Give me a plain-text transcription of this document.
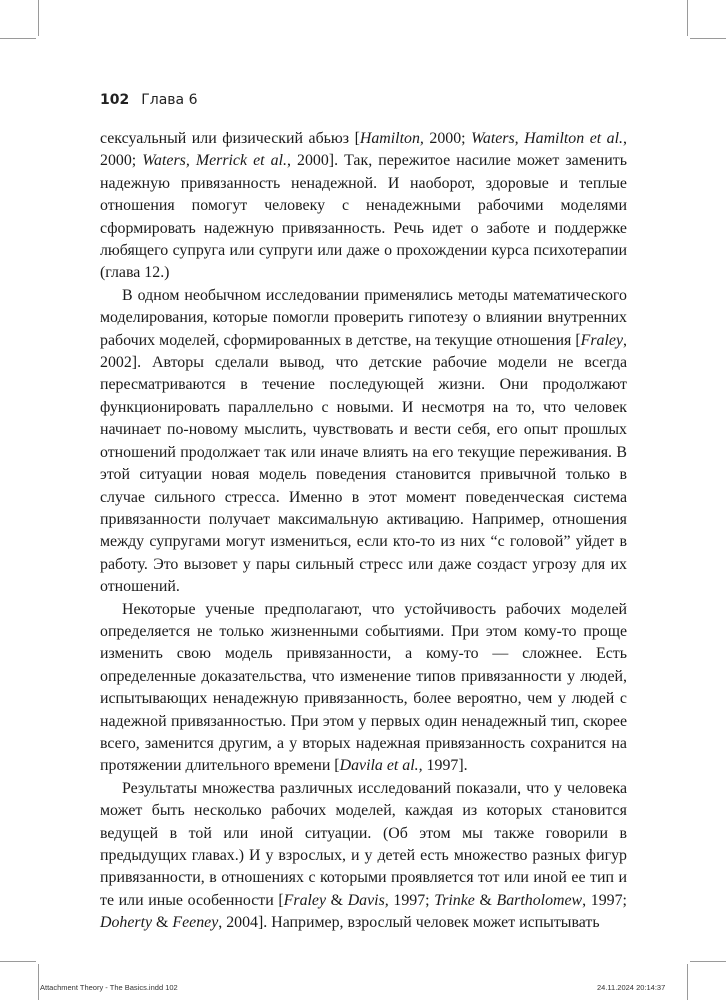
102 Глава 6

сексуальный или физический абьюз [Hamilton, 2000; Waters, Hamilton et al., 2000; Waters, Merrick et al., 2000]. Так, пережитое насилие может заменить надежную привязанность ненадежной. И наоборот, здоровые и теплые отношения помогут человеку с ненадежными рабочими моделями сформировать надежную привязанность. Речь идет о заботе и поддержке любящего супруга или супруги или даже о прохождении курса психотерапии (глава 12.)

В одном необычном исследовании применялись методы математического моделирования, которые помогли проверить гипотезу о влиянии внутренних рабочих моделей, сформированных в детстве, на текущие отношения [Fraley, 2002]. Авторы сделали вывод, что детские рабочие модели не всегда пересматриваются в течение последующей жизни. Они продолжают функционировать параллельно с новыми. И несмотря на то, что человек начинает по-новому мыслить, чувствовать и вести себя, его опыт прошлых отношений продолжает так или иначе влиять на его текущие переживания. В этой ситуации новая модель поведения становится привычной только в случае сильного стресса. Именно в этот момент поведенческая система привязанности получает максимальную активацию. Например, отношения между супругами могут измениться, если кто-то из них “с головой” уйдет в работу. Это вызовет у пары сильный стресс или даже создаст угрозу для их отношений.

Некоторые ученые предполагают, что устойчивость рабочих моделей определяется не только жизненными событиями. При этом кому-то проще изменить свою модель привязанности, а кому-то — сложнее. Есть определенные доказательства, что изменение типов привязанности у людей, испытывающих ненадежную привязанность, более вероятно, чем у людей с надежной привязанностью. При этом у первых один ненадежный тип, скорее всего, заменится другим, а у вторых надежная привязанность сохранится на протяжении длительного времени [Davila et al., 1997].

Результаты множества различных исследований показали, что у человека может быть несколько рабочих моделей, каждая из которых становится ведущей в той или иной ситуации. (Об этом мы также говорили в предыдущих главах.) И у взрослых, и у детей есть множество разных фигур привязанности, в отношениях с которыми проявляется тот или иной ее тип и те или иные особенности [Fraley & Davis, 1997; Trinke & Bartholomew, 1997; Doherty & Feeney, 2004]. Например, взрослый человек может испытывать

Attachment Theory - The Basics.indd 102	24.11.2024 20:14:37
